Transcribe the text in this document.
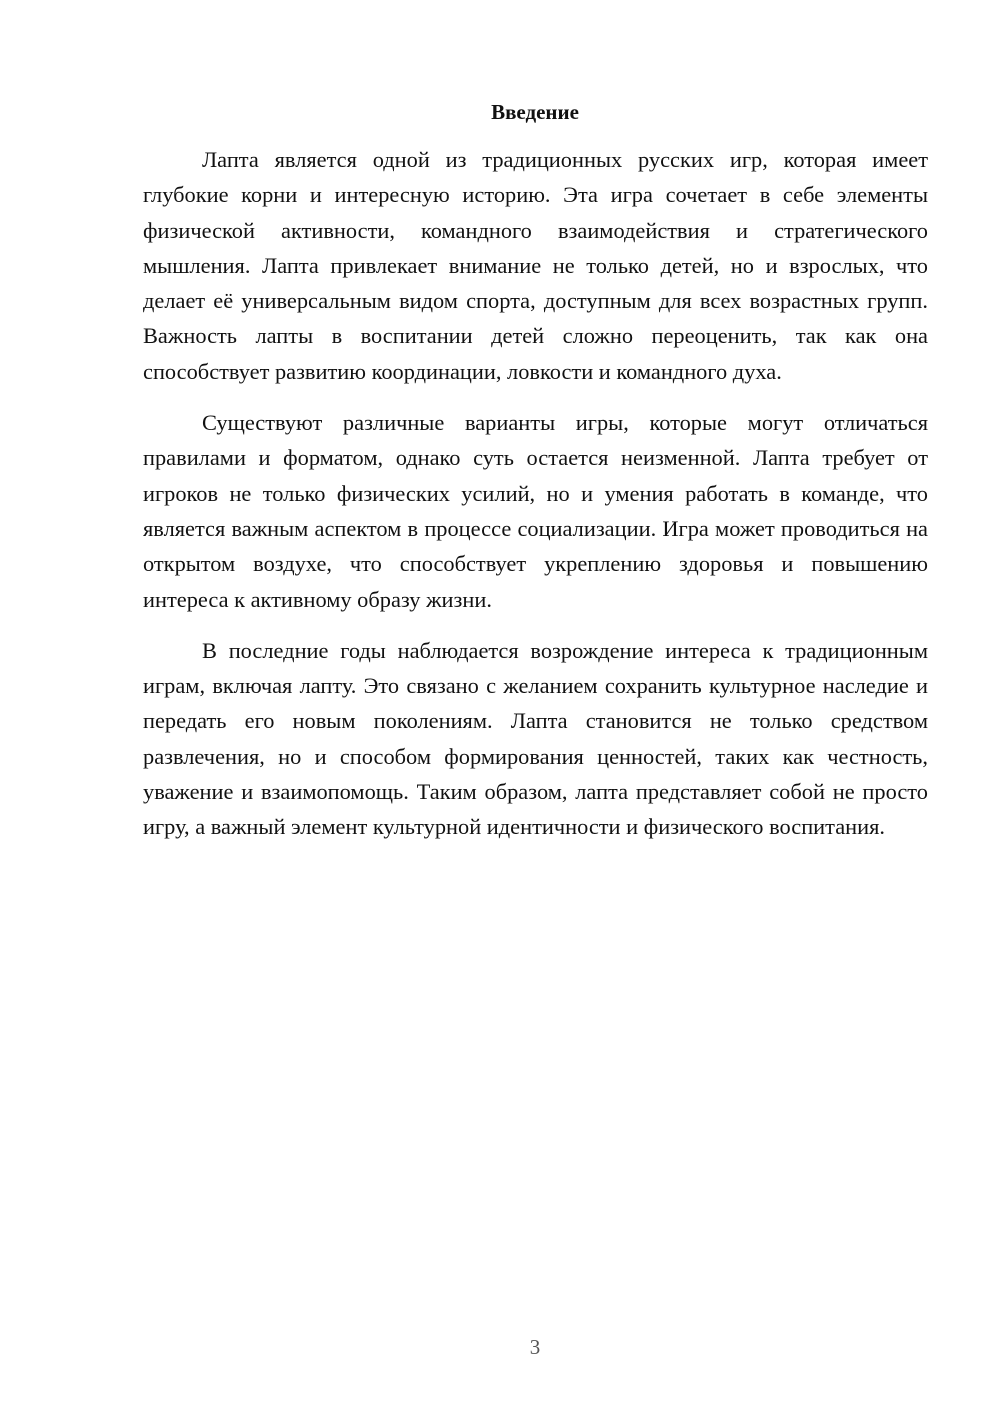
Введение

Лапта является одной из традиционных русских игр, которая имеет глубокие корни и интересную историю. Эта игра сочетает в себе элементы физической активности, командного взаимодействия и стратегического мышления. Лапта привлекает внимание не только детей, но и взрослых, что делает её универсальным видом спорта, доступным для всех возрастных групп. Важность лапты в воспитании детей сложно переоценить, так как она способствует развитию координации, ловкости и командного духа.

Существуют различные варианты игры, которые могут отличаться правилами и форматом, однако суть остается неизменной. Лапта требует от игроков не только физических усилий, но и умения работать в команде, что является важным аспектом в процессе социализации. Игра может проводиться на открытом воздухе, что способствует укреплению здоровья и повышению интереса к активному образу жизни.

В последние годы наблюдается возрождение интереса к традиционным играм, включая лапту. Это связано с желанием сохранить культурное наследие и передать его новым поколениям. Лапта становится не только средством развлечения, но и способом формирования ценностей, таких как честность, уважение и взаимопомощь. Таким образом, лапта представляет собой не просто игру, а важный элемент культурной идентичности и физического воспитания.

3
